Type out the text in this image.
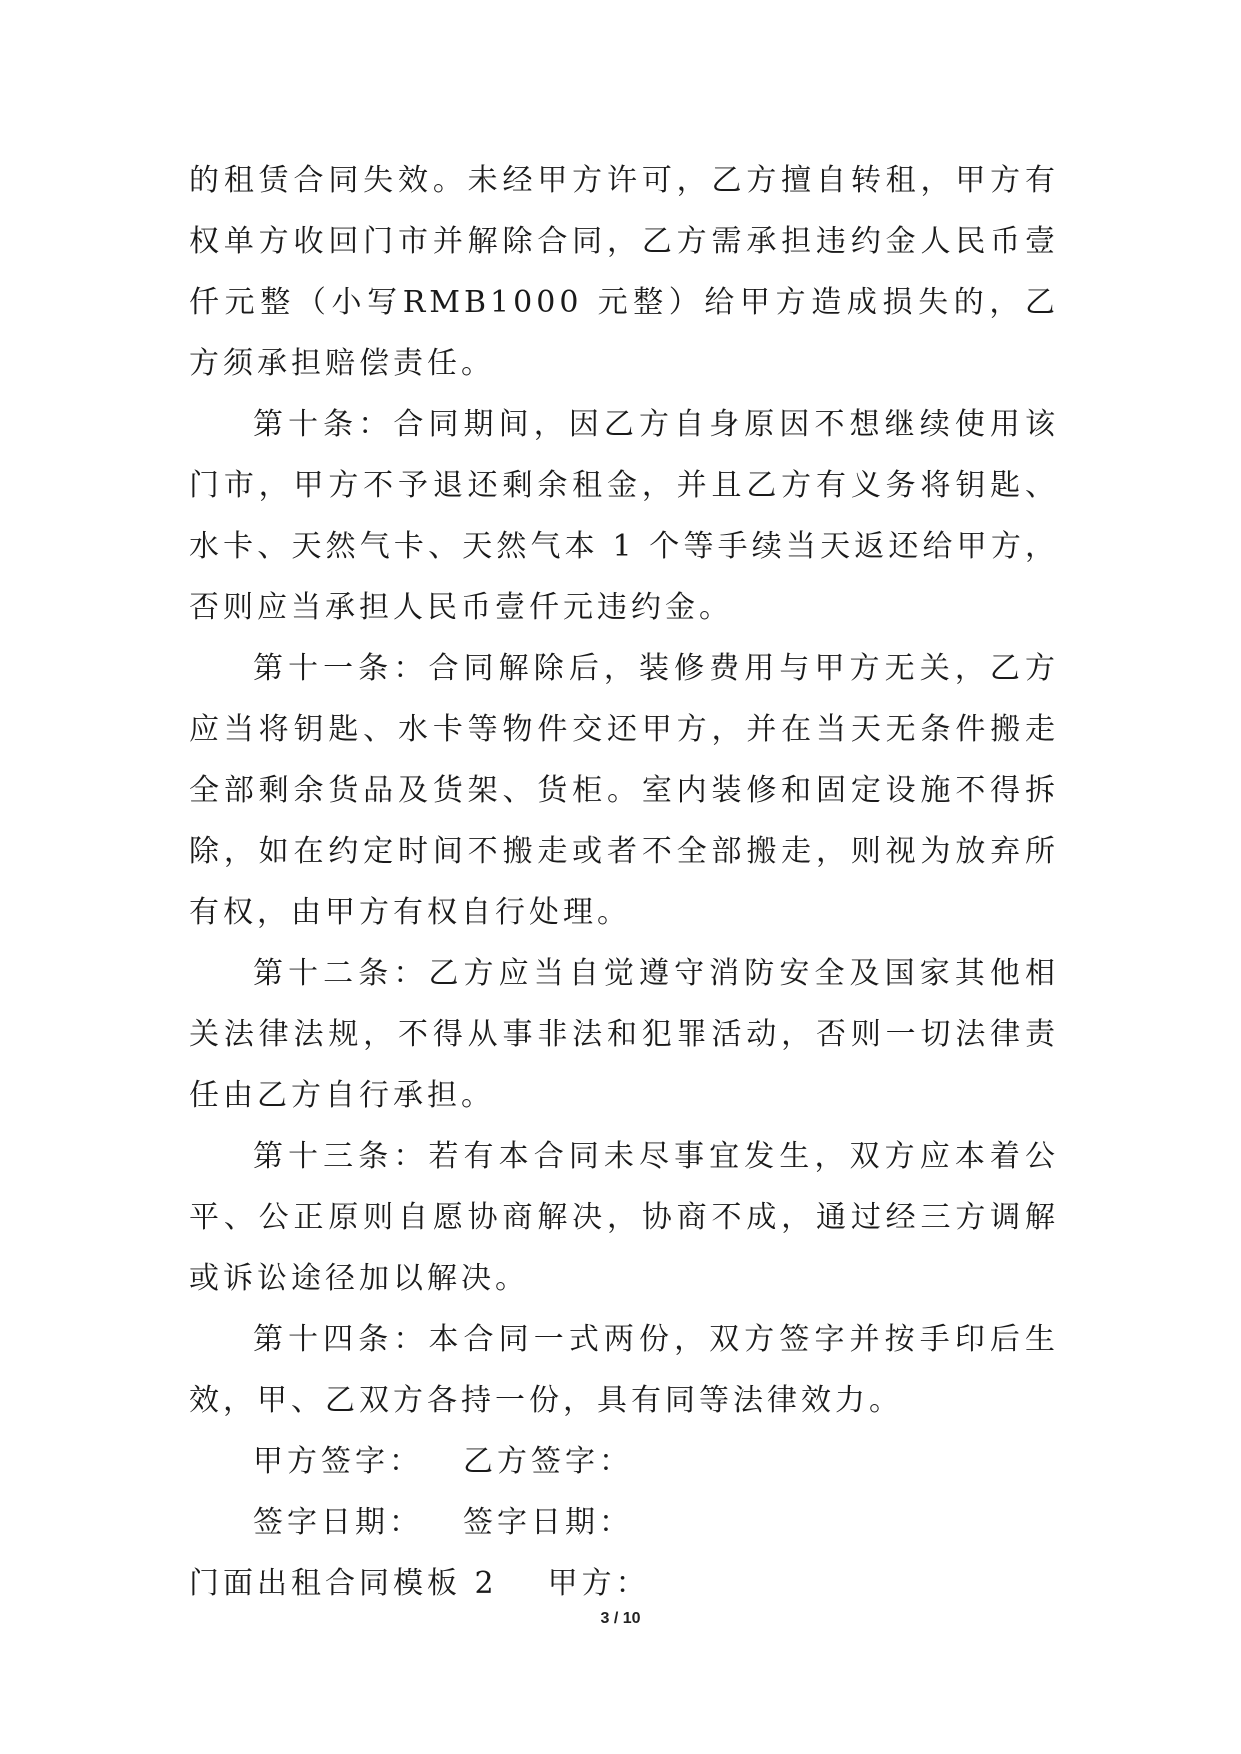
的租赁合同失效。未经甲方许可，乙方擅自转租，甲方有权单方收回门市并解除合同，乙方需承担违约金人民币壹仟元整（小写RMB1000 元整）给甲方造成损失的，乙方须承担赔偿责任。

第十条：合同期间，因乙方自身原因不想继续使用该门市，甲方不予退还剩余租金，并且乙方有义务将钥匙、水卡、天然气卡、天然气本 1 个等手续当天返还给甲方，否则应当承担人民币壹仟元违约金。

第十一条：合同解除后，装修费用与甲方无关，乙方应当将钥匙、水卡等物件交还甲方，并在当天无条件搬走全部剩余货品及货架、货柜。室内装修和固定设施不得拆除，如在约定时间不搬走或者不全部搬走，则视为放弃所有权，由甲方有权自行处理。

第十二条：乙方应当自觉遵守消防安全及国家其他相关法律法规，不得从事非法和犯罪活动，否则一切法律责任由乙方自行承担。

第十三条：若有本合同未尽事宜发生，双方应本着公平、公正原则自愿协商解决，协商不成，通过经三方调解或诉讼途径加以解决。

第十四条：本合同一式两份，双方签字并按手印后生效，甲、乙双方各持一份，具有同等法律效力。

甲方签字： 乙方签字：

签字日期： 签字日期：

门面出租合同模板 2 甲方：

3 / 10
